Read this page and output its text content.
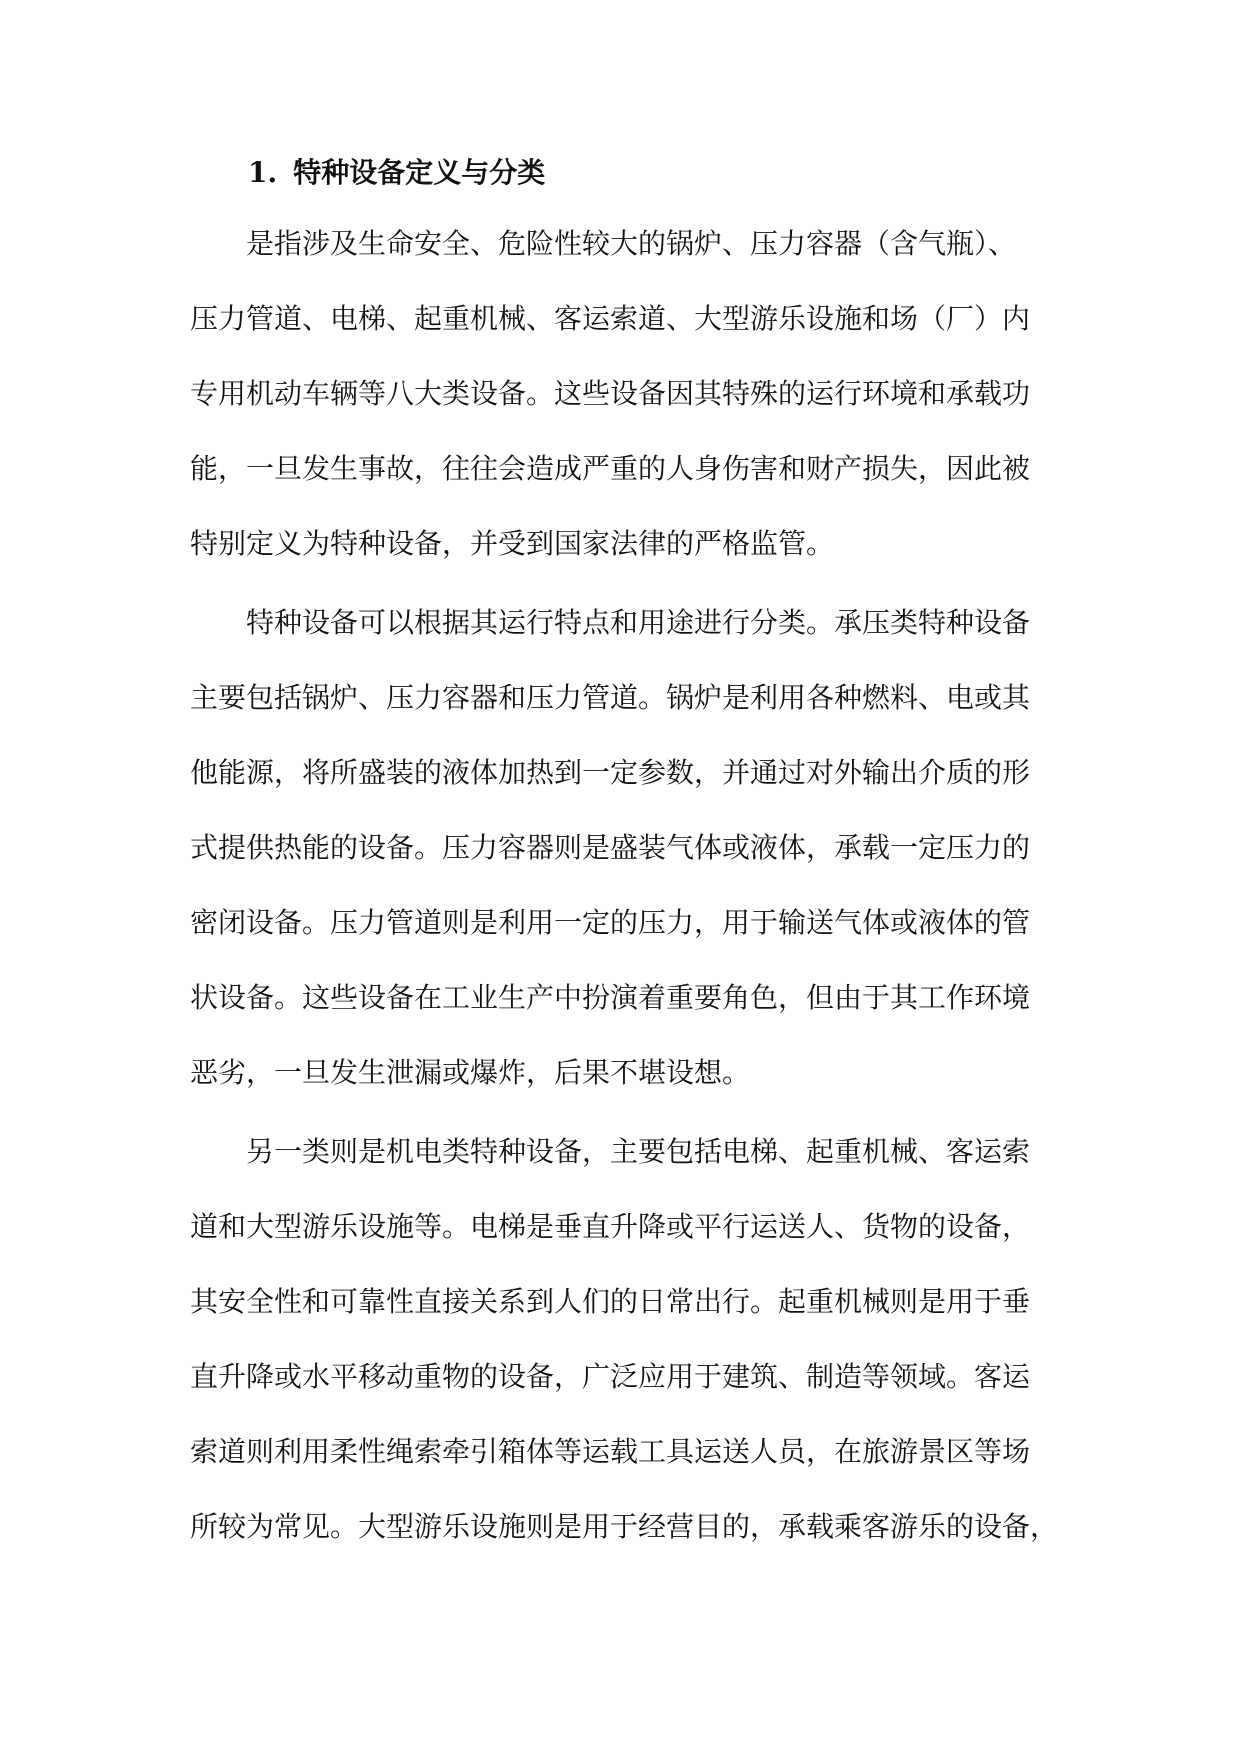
1. 特种设备定义与分类
是指涉及生命安全、危险性较大的锅炉、压力容器（含气瓶）、
压力管道、电梯、起重机械、客运索道、大型游乐设施和场（厂）内
专用机动车辆等八大类设备。这些设备因其特殊的运行环境和承载功
能，一旦发生事故，往往会造成严重的人身伤害和财产损失，因此被
特别定义为特种设备，并受到国家法律的严格监管。
特种设备可以根据其运行特点和用途进行分类。承压类特种设备
主要包括锅炉、压力容器和压力管道。锅炉是利用各种燃料、电或其
他能源，将所盛装的液体加热到一定参数，并通过对外输出介质的形
式提供热能的设备。压力容器则是盛装气体或液体，承载一定压力的
密闭设备。压力管道则是利用一定的压力，用于输送气体或液体的管
状设备。这些设备在工业生产中扮演着重要角色，但由于其工作环境
恶劣，一旦发生泄漏或爆炸，后果不堪设想。
另一类则是机电类特种设备，主要包括电梯、起重机械、客运索
道和大型游乐设施等。电梯是垂直升降或平行运送人、货物的设备，
其安全性和可靠性直接关系到人们的日常出行。起重机械则是用于垂
直升降或水平移动重物的设备，广泛应用于建筑、制造等领域。客运
索道则利用柔性绳索牵引箱体等运载工具运送人员，在旅游景区等场
所较为常见。大型游乐设施则是用于经营目的，承载乘客游乐的设备，
